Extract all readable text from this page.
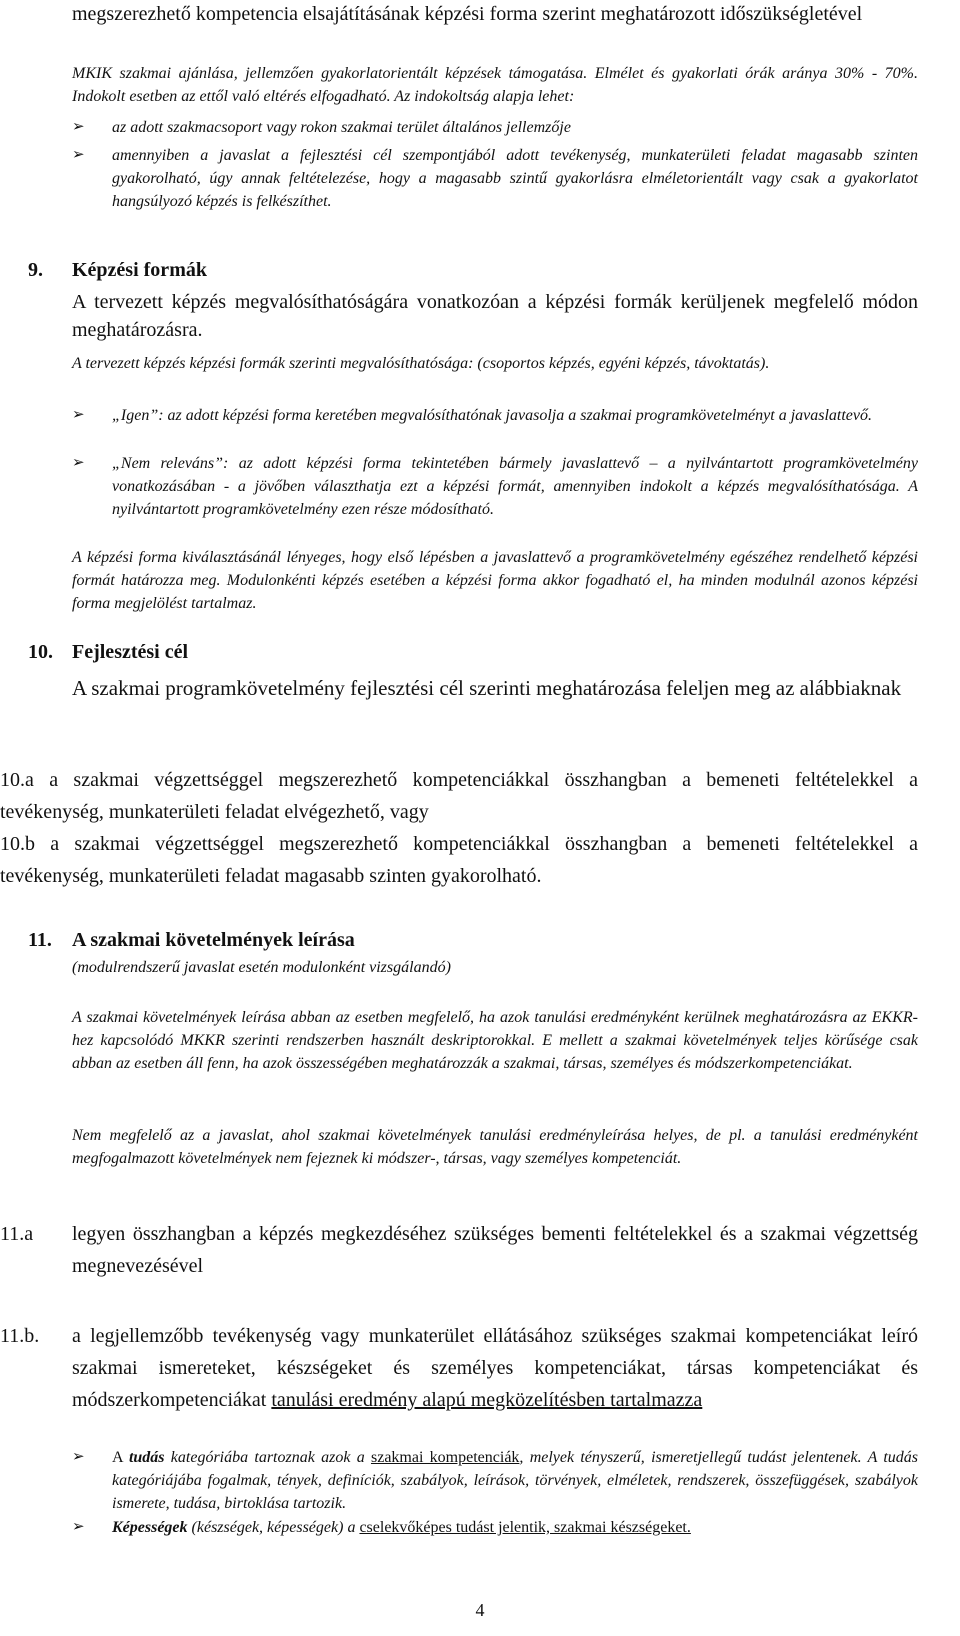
megszerezhető kompetencia elsajátításának képzési forma szerint meghatározott időszükségletével

MKIK szakmai ajánlása, jellemzően gyakorlatorientált képzések támogatása. Elmélet és gyakorlati órák aránya 30% - 70%. Indokolt esetben az ettől való eltérés elfogadható. Az indokoltság alapja lehet:

➢ az adott szakmacsoport vagy rokon szakmai terület általános jellemzője
➢ amennyiben a javaslat a fejlesztési cél szempontjából adott tevékenység, munkaterületi feladat magasabb szinten gyakorolható, úgy annak feltételezése, hogy a magasabb szintű gyakorlásra elméletorientált vagy csak a gyakorlatot hangsúlyozó képzés is felkészíthet.
9. Képzési formák

A tervezett képzés megvalósíthatóságára vonatkozóan a képzési formák kerüljenek megfelelő módon meghatározásra.

A tervezett képzés képzési formák szerinti megvalósíthatósága: (csoportos képzés, egyéni képzés, távoktatás).

➢ „Igen”: az adott képzési forma keretében megvalósíthatónak javasolja a szakmai programkövetelményt a javaslattevő.
➢ „Nem releváns”: az adott képzési forma tekintetében bármely javaslattevő – a nyilvántartott programkövetelmény vonatkozásában - a jövőben választhatja ezt a képzési formát, amennyiben indokolt a képzés megvalósíthatósága. A nyilvántartott programkövetelmény ezen része módosítható.

A képzési forma kiválasztásánál lényeges, hogy első lépésben a javaslattevő a programkövetelmény egészéhez rendelhető képzési formát határozza meg. Modulonkénti képzés esetében a képzési forma akkor fogadható el, ha minden modulnál azonos képzési forma megjelölést tartalmaz.

10. Fejlesztési cél

A szakmai programkövetelmény fejlesztési cél szerinti meghatározása feleljen meg az alábbiaknak

10.a a szakmai végzettséggel megszerezhető kompetenciákkal összhangban a bemeneti feltételekkel a tevékenység, munkaterületi feladat elvégezhető, vagy

10.b a szakmai végzettséggel megszerezhető kompetenciákkal összhangban a bemeneti feltételekkel a tevékenység, munkaterületi feladat magasabb szinten gyakorolható.

11. A szakmai követelmények leírása

(modulrendszerű javaslat esetén modulonként vizsgálandó)

A szakmai követelmények leírása abban az esetben megfelelő, ha azok tanulási eredményként kerülnek meghatározásra az EKKR-hez kapcsolódó MKKR szerinti rendszerben használt deskriptorokkal. E mellett a szakmai követelmények teljes körűsége csak abban az esetben áll fenn, ha azok összességében meghatározzák a szakmai, társas, személyes és módszerkompetenciákat.

Nem megfelelő az a javaslat, ahol szakmai követelmények tanulási eredményleírása helyes, de pl. a tanulási eredményként megfogalmazott követelmények nem fejeznek ki módszer-, társas, vagy személyes kompetenciát.

11.a legyen összhangban a képzés megkezdéséhez szükséges bementi feltételekkel és a szakmai végzettség megnevezésével
11.b. a legjellemzőbb tevékenység vagy munkaterület ellátásához szükséges szakmai kompetenciákat leíró szakmai ismereteket, készségeket és személyes kompetenciákat, társas kompetenciákat és módszerkompetenciákat tanulási eredmény alapú megközelítésben tartalmazza
➢ A tudás kategóriába tartoznak azok a szakmai kompetenciák, melyek tényszerű, ismeretjellegű tudást jelentenek. A tudás kategóriájába fogalmak, tények, definíciók, szabályok, leírások, törvények, elméletek, rendszerek, összefüggések, szabályok ismerete, tudása, birtoklása tartozik.
➢ Képességek (készségek, képességek) a cselekvőképes tudást jelentik, szakmai készségeket.
4
